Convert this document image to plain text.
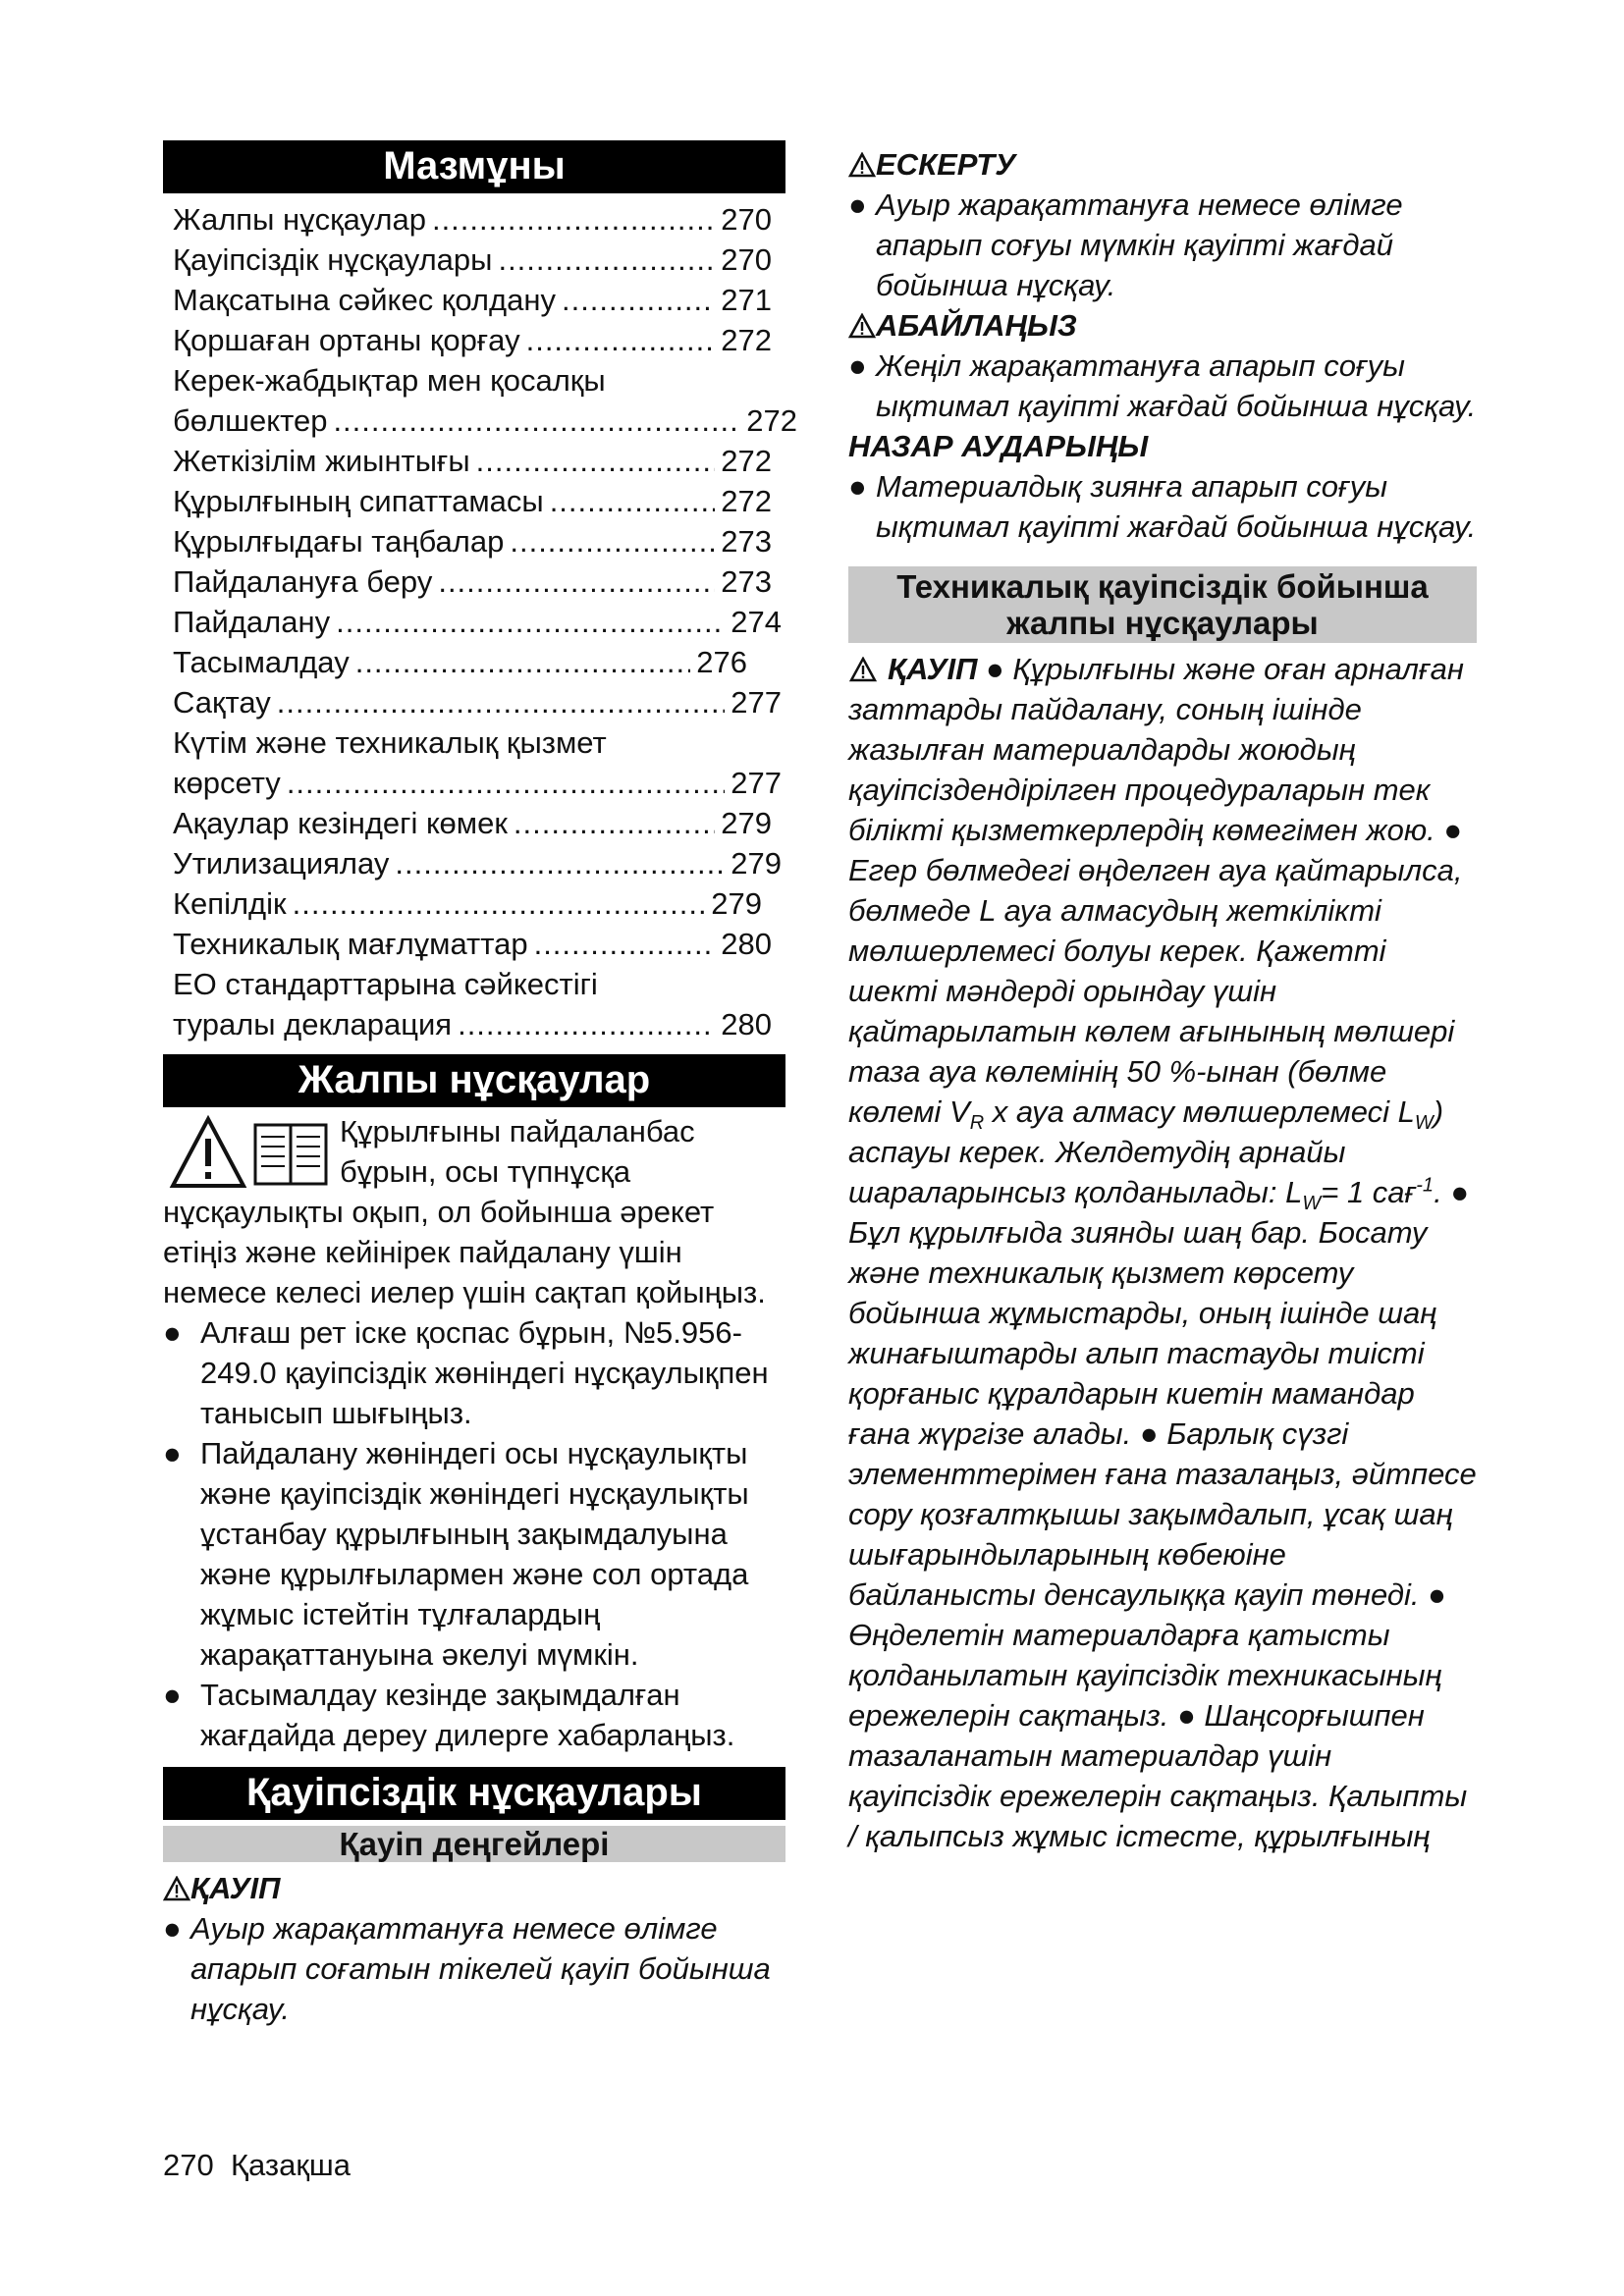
Мазмұны
Жалпы нұсқаулар .....	270
Қауіпсіздік нұсқаулары .....	270
Мақсатына сәйкес қолдану .....	271
Қоршаған ортаны қорғау .....	272
Керек-жабдықтар мен қосалқы
бөлшектер .....	272
Жеткізілім жиынтығы .....	272
Құрылғының сипаттамасы .....	272
Құрылғыдағы таңбалар .....	273
Пайдалануға беру .....	273
Пайдалану .....	274
Тасымалдау .....	276
Сақтау .....	277
Күтім және техникалық қызмет
көрсету .....	277
Ақаулар кезіндегі көмек .....	279
Утилизациялау .....	279
Кепілдік .....	279
Техникалық мағлұматтар .....	280
ЕО стандарттарына сәйкестігі
туралы декларация .....	280
Жалпы нұсқаулар
Құрылғыны пайдаланбас
бұрын, осы түпнұсқа
нұсқаулықты оқып, ол бойынша әрекет етіңіз және кейінірек пайдалану үшін немесе келесі иелер үшін сақтап қойыңыз.
● Алғаш рет іске қоспас бұрын, №5.956-249.0 қауіпсіздік жөніндегі нұсқаулықпен танысып шығыңыз.
● Пайдалану жөніндегі осы нұсқаулықты және қауіпсіздік жөніндегі нұсқаулықты ұстанбау құрылғының зақымдалуына және құрылғылармен және сол ортада жұмыс істейтін тұлғалардың жарақаттануына әкелуі мүмкін.
● Тасымалдау кезінде зақымдалған жағдайда дереу дилерге хабарлаңыз.
Қауіпсіздік нұсқаулары
Қауіп деңгейлері
ҚАУІП
● Ауыр жарақаттануға немесе өлімге апарып соғатын тікелей қауіп бойынша нұсқау.
ЕСКЕРТУ
● Ауыр жарақаттануға немесе өлімге апарып соғуы мүмкін қауіпті жағдай бойынша нұсқау.
АБАЙЛАҢЫЗ
● Жеңіл жарақаттануға апарып соғуы ықтимал қауіпті жағдай бойынша нұсқау.
НАЗАР АУДАРЫҢЫ
● Материалдық зиянға апарып соғуы ықтимал қауіпті жағдай бойынша нұсқау.
Техникалық қауіпсіздік бойынша
жалпы нұсқаулары
ҚАУІП ● Құрылғыны және оған арналған заттарды пайдалану, соның ішінде жазылған материалдарды жоюдың қауіпсіздендірілген процедураларын тек білікті қызметкерлердің көмегімен жою. ● Егер бөлмедегі өңделген ауа қайтарылса, бөлмеде L ауа алмасудың жеткілікті мөлшерлемесі болуы керек. Қажетті шекті мәндерді орындау үшін қайтарылатын көлем ағынының мөлшері таза ауа көлемінің 50 %-ынан (бөлме көлемі $V_R$ x ауа алмасу мөлшерлемесі $L_W$) аспауы керек. Желдетудің арнайы шараларынсыз қолданылады: $L_W= 1$ сағ$^{-1}$. ● Бұл құрылғыда зиянды шаң бар. Босату және техникалық қызмет көрсету бойынша жұмыстарды, оның ішінде шаң жинағыштарды алып тастауды тиісті қорғаныс құралдарын киетін мамандар ғана жүргізе алады. ● Барлық сүзгі элементтерімен ғана тазалаңыз, әйтпесе сору қозғалтқышы зақымдалып, ұсақ шаң шығарындыларының көбеюіне байланысты денсаулыққа қауіп төнеді. ● Өңделетін материалдарға қатысты қолданылатын қауіпсіздік техникасының ережелерін сақтаңыз. ● Шаңсорғышпен тазаланатын материалдар үшін қауіпсіздік ережелерін сақтаңыз. Қалыпты / қалыпсыз жұмыс істесте, құрылғының
270 Қазақша
